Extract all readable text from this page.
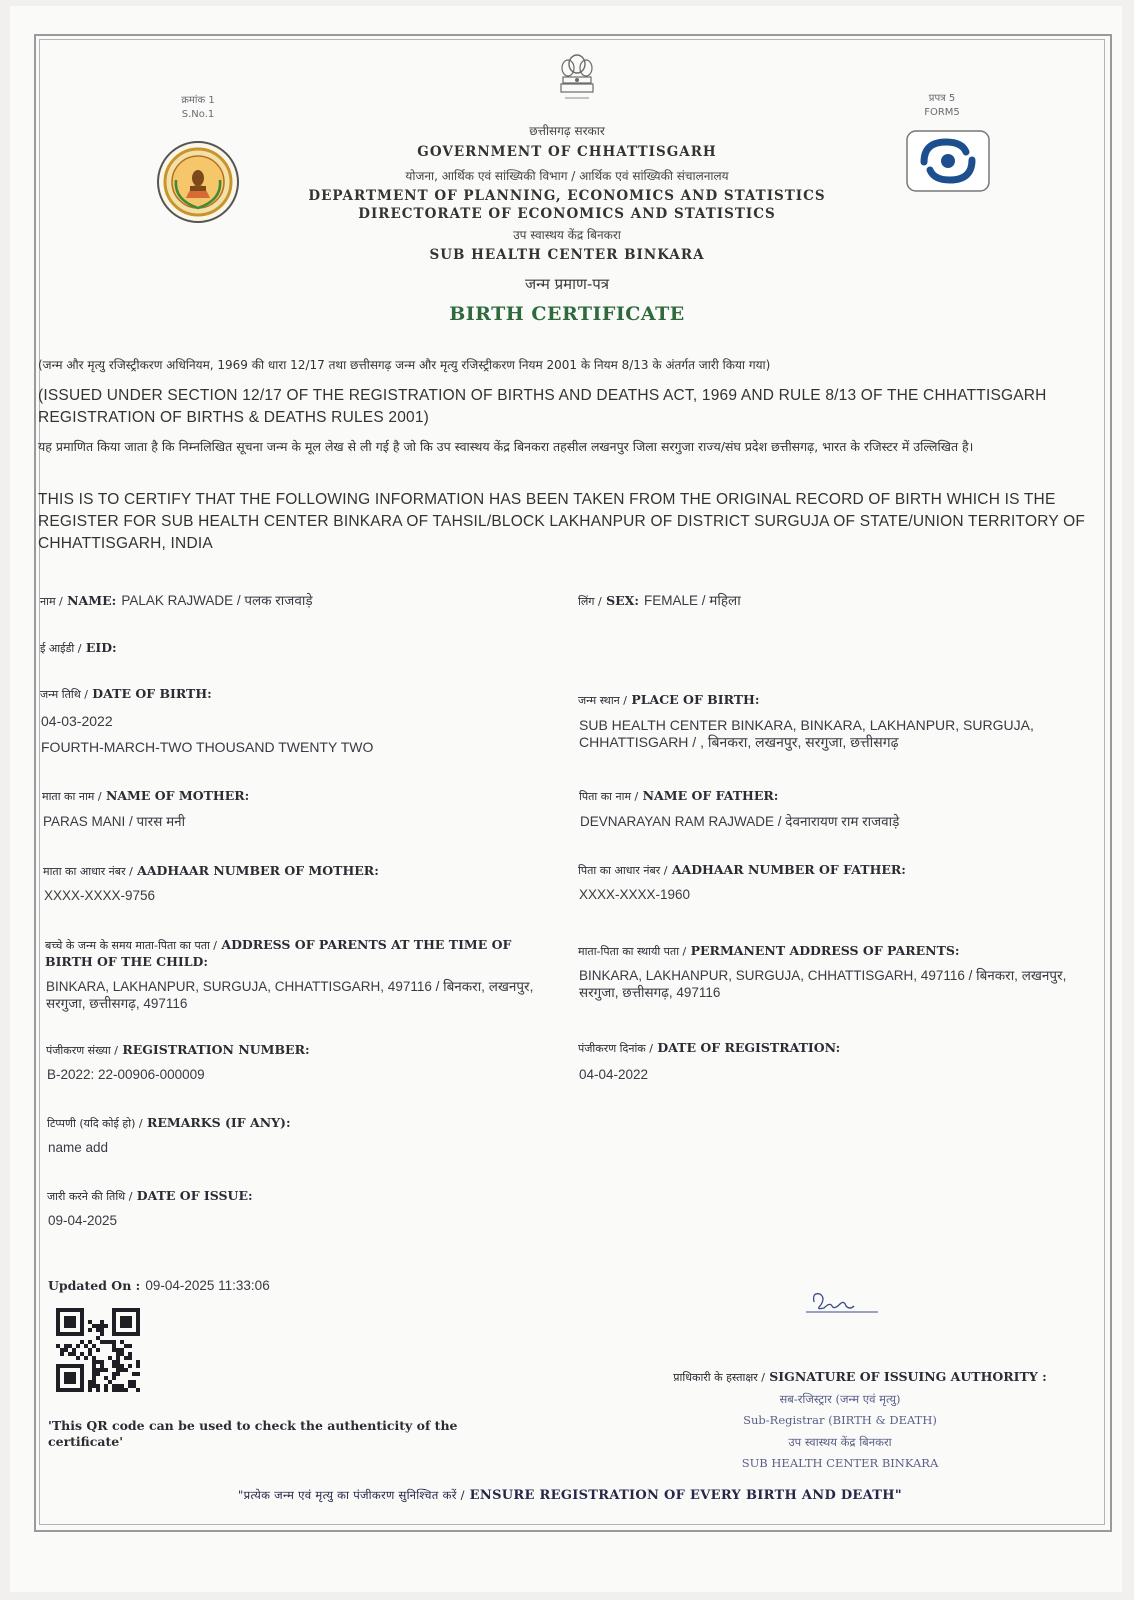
क्रमांक 1
S.No.1
प्रपत्र 5
FORM5
छत्तीसगढ़ सरकार
GOVERNMENT OF CHHATTISGARH
योजना, आर्थिक एवं सांख्यिकी विभाग / आर्थिक एवं सांख्यिकी संचालनालय
DEPARTMENT OF PLANNING, ECONOMICS AND STATISTICS
DIRECTORATE OF ECONOMICS AND STATISTICS
उप स्वास्थय केंद्र बिनकरा
SUB HEALTH CENTER BINKARA
जन्म प्रमाण-पत्र
BIRTH CERTIFICATE
(जन्म और मृत्यु रजिस्ट्रीकरण अधिनियम, 1969 की धारा 12/17 तथा छत्तीसगढ़ जन्म और मृत्यु रजिस्ट्रीकरण नियम 2001 के नियम 8/13 के अंतर्गत जारी किया गया)
(ISSUED UNDER SECTION 12/17 OF THE REGISTRATION OF BIRTHS AND DEATHS ACT, 1969 AND RULE 8/13 OF THE CHHATTISGARH REGISTRATION OF BIRTHS & DEATHS RULES 2001)
यह प्रमाणित किया जाता है कि निम्नलिखित सूचना जन्म के मूल लेख से ली गई है जो कि उप स्वास्थय केंद्र बिनकरा तहसील लखनपुर जिला सरगुजा राज्य/संघ प्रदेश छत्तीसगढ़, भारत के रजिस्टर में उल्लिखित है।
THIS IS TO CERTIFY THAT THE FOLLOWING INFORMATION HAS BEEN TAKEN FROM THE ORIGINAL RECORD OF BIRTH WHICH IS THE REGISTER FOR SUB HEALTH CENTER BINKARA OF TAHSIL/BLOCK LAKHANPUR OF DISTRICT SURGUJA OF STATE/UNION TERRITORY OF CHHATTISGARH, INDIA
नाम / NAME: PALAK RAJWADE / पलक राजवाड़े	लिंग / SEX: FEMALE / महिला
ई आईडी / EID:
जन्म तिथि / DATE OF BIRTH:
04-03-2022
FOURTH-MARCH-TWO THOUSAND TWENTY TWO
जन्म स्थान / PLACE OF BIRTH:
SUB HEALTH CENTER BINKARA, BINKARA, LAKHANPUR, SURGUJA, CHHATTISGARH / , बिनकरा, लखनपुर, सरगुजा, छत्तीसगढ़
माता का नाम / NAME OF MOTHER:
PARAS MANI / पारस मनी
पिता का नाम / NAME OF FATHER:
DEVNARAYAN RAM RAJWADE / देवनारायण राम राजवाड़े
माता का आधार नंबर / AADHAAR NUMBER OF MOTHER:
XXXX-XXXX-9756
पिता का आधार नंबर / AADHAAR NUMBER OF FATHER:
XXXX-XXXX-1960
बच्चे के जन्म के समय माता-पिता का पता / ADDRESS OF PARENTS AT THE TIME OF BIRTH OF THE CHILD:
BINKARA, LAKHANPUR, SURGUJA, CHHATTISGARH, 497116 / बिनकरा, लखनपुर, सरगुजा, छत्तीसगढ़, 497116
माता-पिता का स्थायी पता / PERMANENT ADDRESS OF PARENTS:
BINKARA, LAKHANPUR, SURGUJA, CHHATTISGARH, 497116 / बिनकरा, लखनपुर, सरगुजा, छत्तीसगढ़, 497116
पंजीकरण संख्या / REGISTRATION NUMBER:
B-2022: 22-00906-000009
पंजीकरण दिनांक / DATE OF REGISTRATION:
04-04-2022
टिप्पणी (यदि कोई हो) / REMARKS (IF ANY):
name add
जारी करने की तिथि / DATE OF ISSUE:
09-04-2025
Updated On : 09-04-2025 11:33:06
'This QR code can be used to check the authenticity of the certificate'
प्राधिकारी के हस्ताक्षर / SIGNATURE OF ISSUING AUTHORITY :
सब-रजिस्ट्रार (जन्म एवं मृत्यु)
Sub-Registrar (BIRTH & DEATH)
उप स्वास्थय केंद्र बिनकरा
SUB HEALTH CENTER BINKARA
"प्रत्येक जन्म एवं मृत्यु का पंजीकरण सुनिश्चित करें / ENSURE REGISTRATION OF EVERY BIRTH AND DEATH"
